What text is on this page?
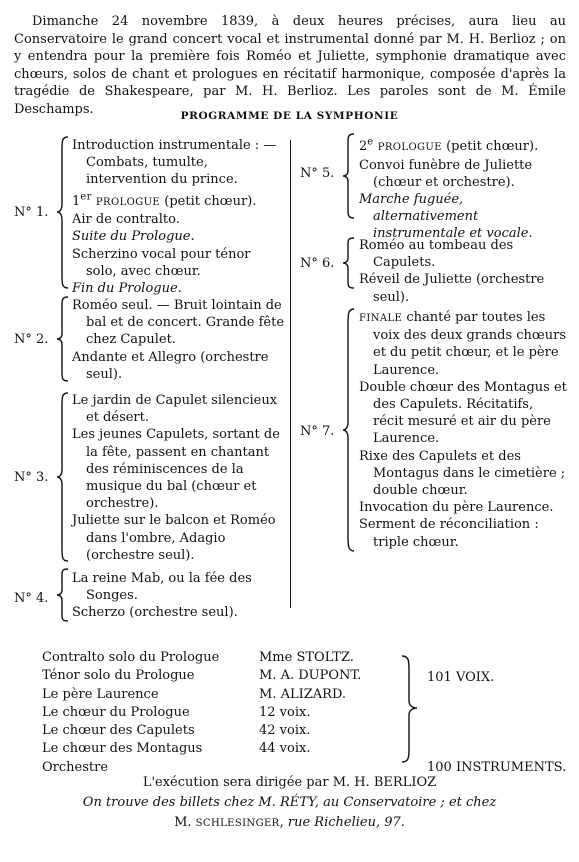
Dimanche 24 novembre 1839, à deux heures précises, aura lieu au Conservatoire le grand concert vocal et instrumental donné par M. H. Berlioz ; on y entendra pour la première fois Roméo et Juliette, symphonie dramatique avec chœurs, solos de chant et prologues en récitatif harmonique, composée d'après la tragédie de Shakespeare, par M. H. Berlioz. Les paroles sont de M. Émile Deschamps.	PROGRAMME DE LA SYMPHONIE
N° 1.
Introduction instrumentale : — Combats, tumulte, intervention du prince.
1er PROLOGUE (petit chœur).
Air de contralto.
Suite du Prologue.
Scherzino vocal pour ténor solo, avec chœur.
Fin du Prologue.
N° 2.
Roméo seul. — Bruit lointain de bal et de concert. Grande fête chez Capulet.
Andante et Allegro (orchestre seul).
N° 3.
Le jardin de Capulet silencieux et désert.
Les jeunes Capulets, sortant de la fête, passent en chantant des réminiscences de la musique du bal (chœur et orchestre).
Juliette sur le balcon et Roméo dans l'ombre, Adagio (orchestre seul).
N° 4.
La reine Mab, ou la fée des Songes.
Scherzo (orchestre seul).
N° 5.
2e PROLOGUE (petit chœur).
Convoi funèbre de Juliette (chœur et orchestre).
Marche fuguée, alternativement instrumentale et vocale.
N° 6.
Roméo au tombeau des Capulets.
Réveil de Juliette (orchestre seul).
N° 7.
FINALE chanté par toutes les voix des deux grands chœurs et du petit chœur, et le père Laurence.
Double chœur des Montagus et des Capulets. Récitatifs, récit mesuré et air du père Laurence.
Rixe des Capulets et des Montagus dans le cimetière ; double chœur.
Invocation du père Laurence.
Serment de réconciliation : triple chœur.
Contralto solo du Prologue
Ténor solo du Prologue
Le père Laurence
Le chœur du Prologue
Le chœur des Capulets
Le chœur des Montagus
Orchestre
Mme STOLTZ.
M. A. DUPONT.
M. ALIZARD.
12 voix.
42 voix.
44 voix.
101 VOIX.
100 INSTRUMENTS.
L'exécution sera dirigée par M. H. BERLIOZ
On trouve des billets chez M. RÉTY, au Conservatoire ; et chez
M. SCHLESINGER, rue Richelieu, 97.
